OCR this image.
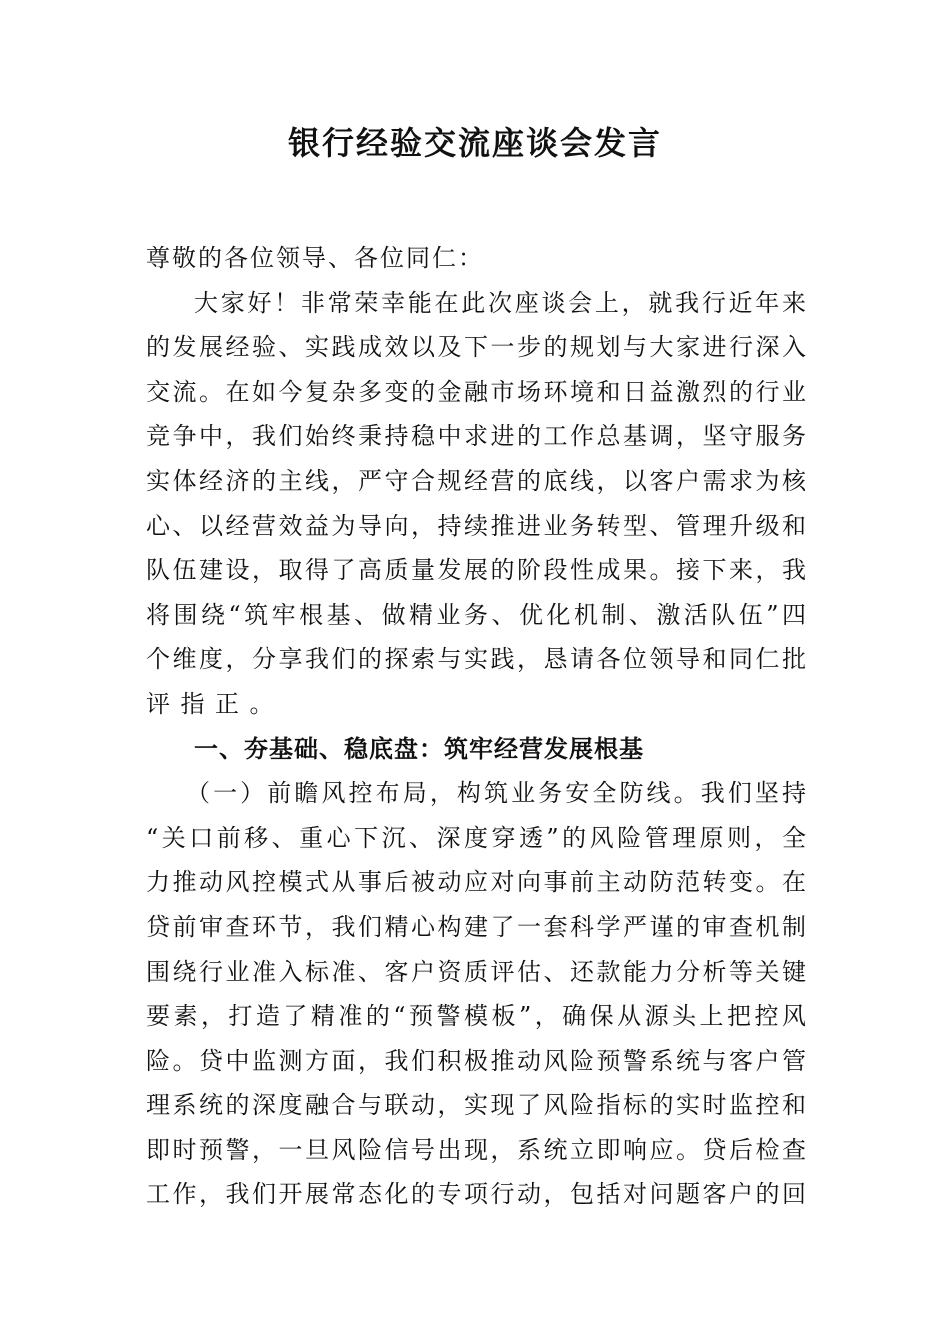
银行经验交流座谈会发言
尊敬的各位领导、各位同仁：
大家好！非常荣幸能在此次座谈会上，就我行近年来
的发展经验、实践成效以及下一步的规划与大家进行深入
交流。在如今复杂多变的金融市场环境和日益激烈的行业
竞争中，我们始终秉持稳中求进的工作总基调，坚守服务
实体经济的主线，严守合规经营的底线，以客户需求为核
心、以经营效益为导向，持续推进业务转型、管理升级和
队伍建设，取得了高质量发展的阶段性成果。接下来，我
将围绕“筑牢根基、做精业务、优化机制、激活队伍”四
个维度，分享我们的探索与实践，恳请各位领导和同仁批
评指正。
一、夯基础、稳底盘：筑牢经营发展根基
（一）前瞻风控布局，构筑业务安全防线。我们坚持
“关口前移、重心下沉、深度穿透”的风险管理原则，全
力推动风控模式从事后被动应对向事前主动防范转变。在
贷前审查环节，我们精心构建了一套科学严谨的审查机制
围绕行业准入标准、客户资质评估、还款能力分析等关键
要素，打造了精准的“预警模板”，确保从源头上把控风
险。贷中监测方面，我们积极推动风险预警系统与客户管
理系统的深度融合与联动，实现了风险指标的实时监控和
即时预警，一旦风险信号出现，系统立即响应。贷后检查
工作，我们开展常态化的专项行动，包括对问题客户的回
